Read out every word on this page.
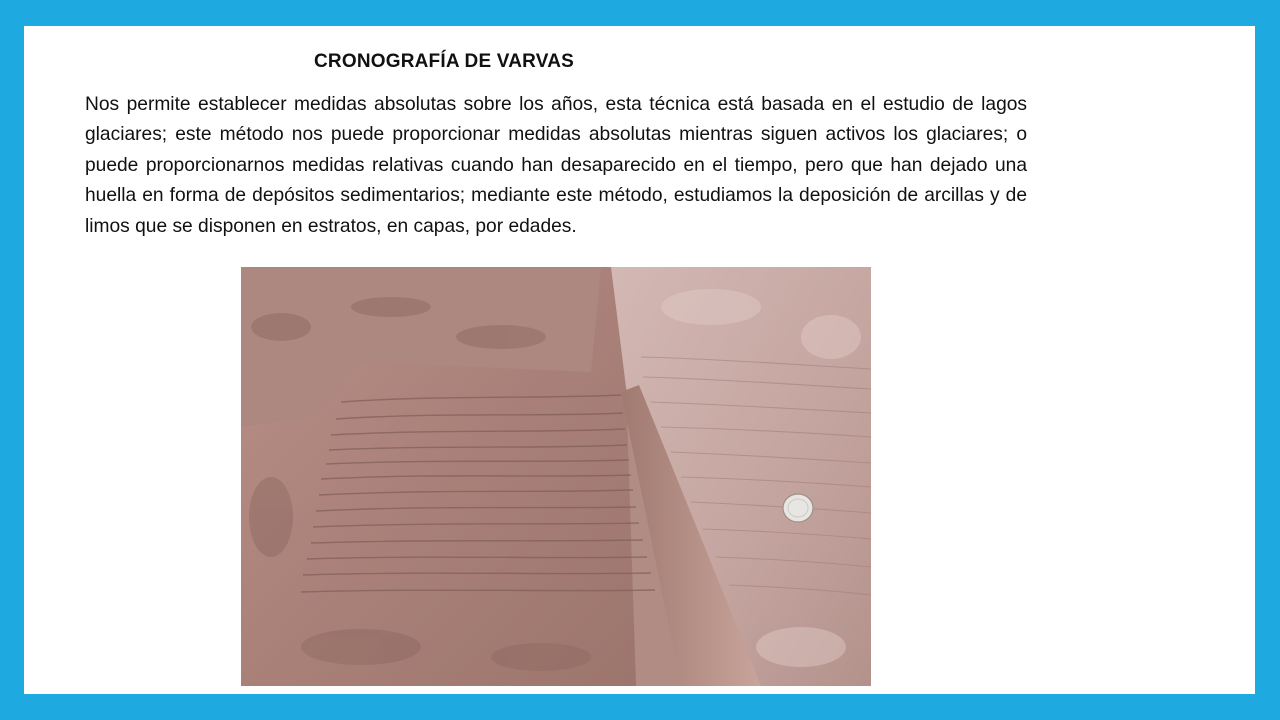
CRONOGRAFÍA DE VARVAS

Nos permite establecer medidas absolutas sobre los años, esta técnica está basada en el estudio de lagos glaciares; este método nos puede proporcionar medidas absolutas mientras siguen activos los glaciares; o puede proporcionarnos medidas relativas cuando han desaparecido en el tiempo, pero que han dejado una huella en forma de depósitos sedimentarios; mediante este método, estudiamos la deposición de arcillas y de limos que se disponen en estratos, en capas, por edades.
